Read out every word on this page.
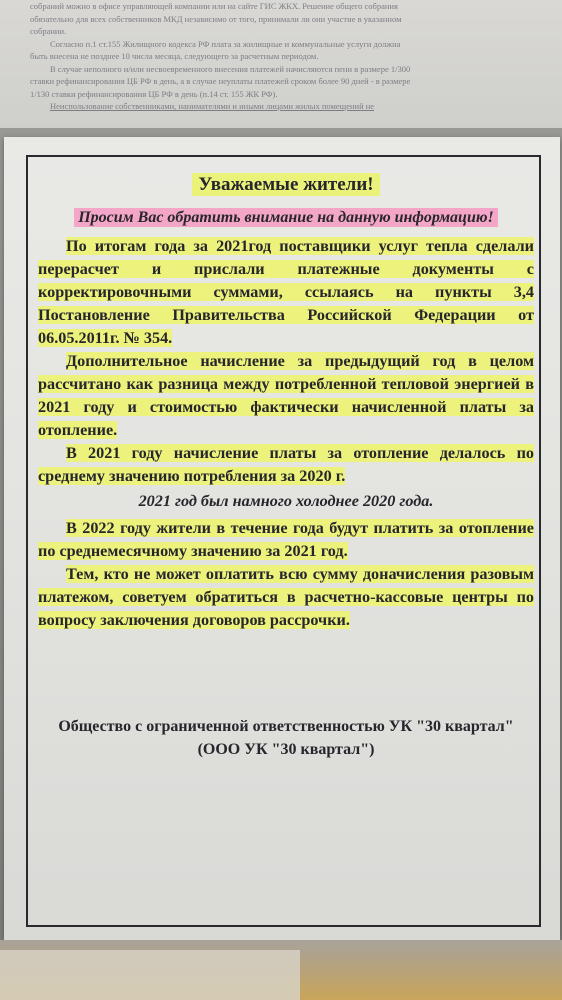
собраний можно в офисе управляющей компании или на сайте ГИС ЖКХ. Решение общего собрания

обязательно для всех собственников МКД независимо от того, принимали ли они участие в указанном

собрании.

Согласно п.1 ст.155 Жилищного кодекса РФ плата за жилищные и коммунальные услуги должна

быть внесена не позднее 10 числа месяца, следующего за расчетным периодом.

В случае неполного и/или несвоевременного внесения платежей начисляются пени в размере 1/300

ставки рефинансирования ЦБ РФ в день, а в случае неуплаты платежей сроком более 90 дней - в размере

1/130 ставки рефинансирования ЦБ РФ в день (п.14 ст. 155 ЖК РФ).

Неиспользование собственниками, нанимателями и иными лицами жилых помещений не

Уважаемые жители!
Просим Вас обратить внимание на данную информацию!

По итогам года за 2021год поставщики услуг тепла сделали перерасчет и прислали платежные документы с корректировочными суммами, ссылаясь на пункты 3,4 Постановление Правительства Российской Федерации от 06.05.2011г. № 354.

Дополнительное начисление за предыдущий год в целом рассчитано как разница между потребленной тепловой энергией в 2021 году и стоимостью фактически начисленной платы за отопление.

В 2021 году начисление платы за отопление делалось по среднему значению потребления за 2020 г.

2021 год был намного холоднее 2020 года.

В 2022 году жители в течение года будут платить за отопление по среднемесячному значению за 2021 год.

Тем, кто не может оплатить всю сумму доначисления разовым платежом, советуем обратиться в расчетно-кассовые центры по вопросу заключения договоров рассрочки.

Общество с ограниченной ответственностью УК "30 квартал"(ООО УК "30 квартал")
